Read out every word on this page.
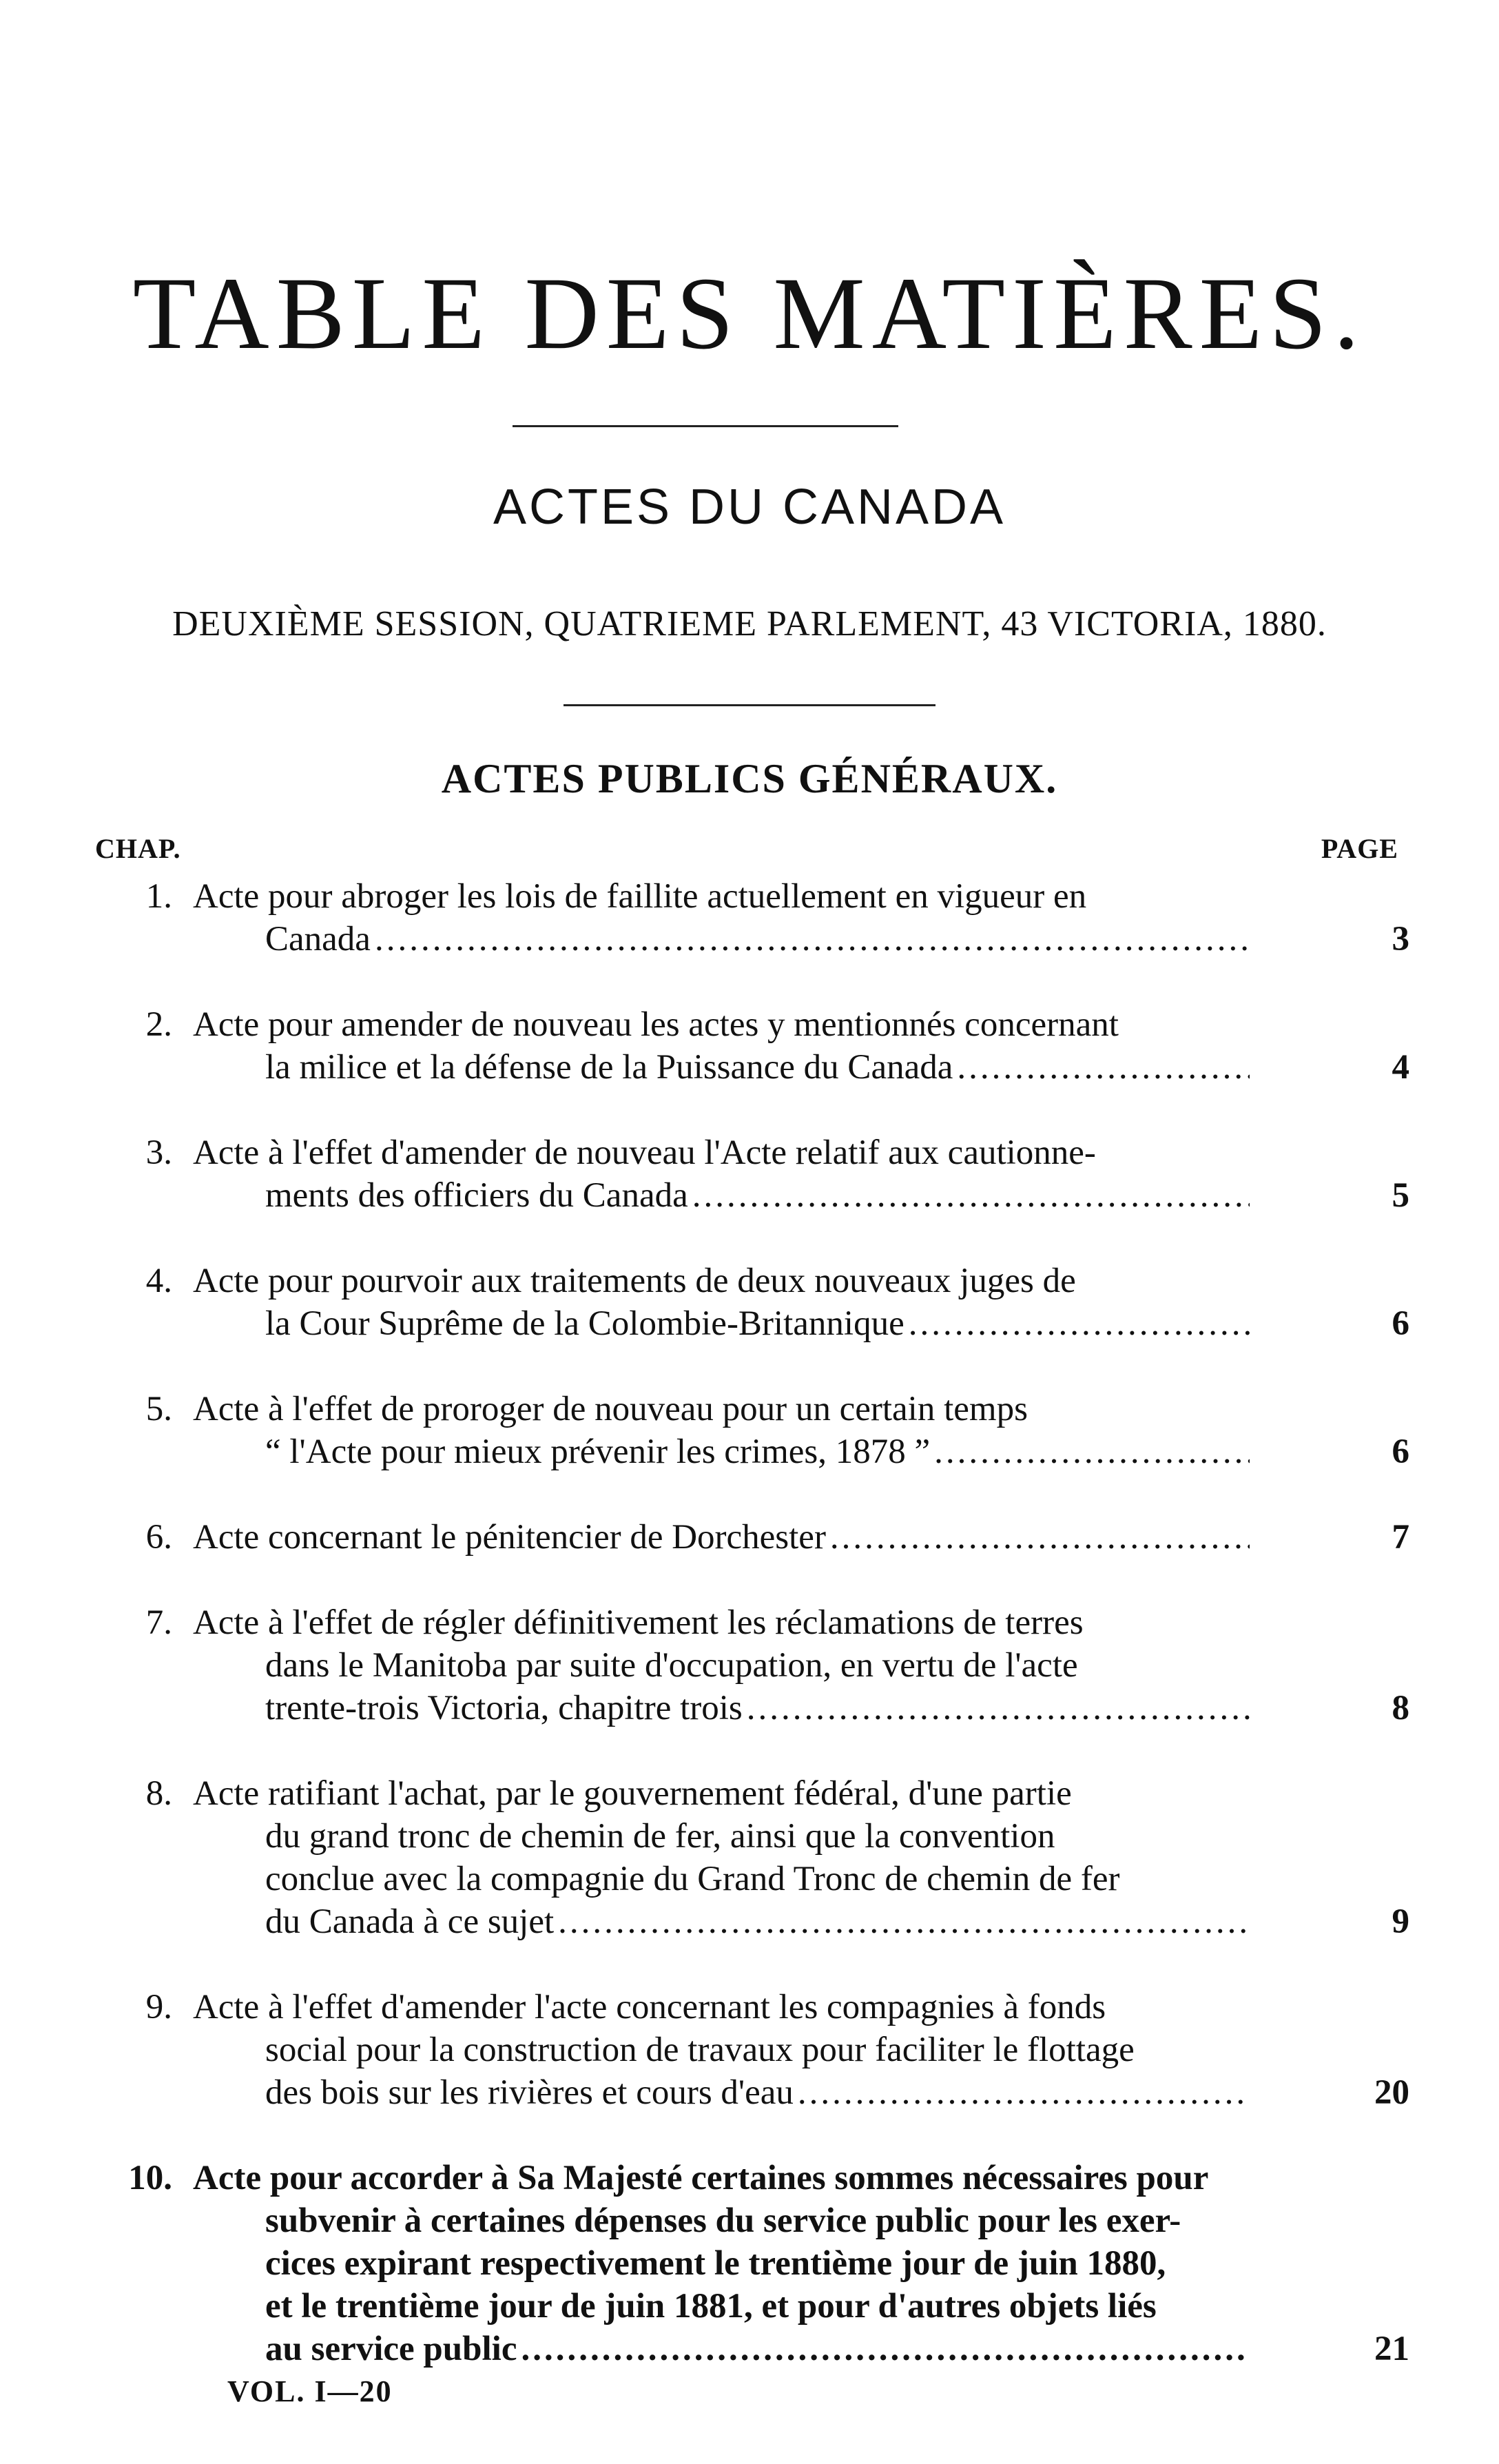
TABLE DES MATIÈRES.
ACTES DU CANADA
DEUXIÈME SESSION, QUATRIEME PARLEMENT, 43 VICTORIA, 1880.
ACTES PUBLICS GÉNÉRAUX.
CHAP.	PAGE
1. Acte pour abroger les lois de faillite actuellement en vigueur en
Canada .....	3
2. Acte pour amender de nouveau les actes y mentionnés concernant
la milice et la défense de la Puissance du Canada .....	4
3. Acte à l'effet d'amender de nouveau l'Acte relatif aux cautionne-
ments des officiers du Canada .....	5
4. Acte pour pourvoir aux traitements de deux nouveaux juges de
la Cour Suprême de la Colombie-Britannique .....	6
5. Acte à l'effet de proroger de nouveau pour un certain temps
“ l'Acte pour mieux prévenir les crimes, 1878 ” .....	6
6. Acte concernant le pénitencier de Dorchester .....	7
7. Acte à l'effet de régler définitivement les réclamations de terres
dans le Manitoba par suite d'occupation, en vertu de l'acte
trente-trois Victoria, chapitre trois .....	8
8. Acte ratifiant l'achat, par le gouvernement fédéral, d'une partie
du grand tronc de chemin de fer, ainsi que la convention
conclue avec la compagnie du Grand Tronc de chemin de fer
du Canada à ce sujet .....	9
9. Acte à l'effet d'amender l'acte concernant les compagnies à fonds
social pour la construction de travaux pour faciliter le flottage
des bois sur les rivières et cours d'eau .....	20
10. Acte pour accorder à Sa Majesté certaines sommes nécessaires pour
subvenir à certaines dépenses du service public pour les exer-
cices expirant respectivement le trentième jour de juin 1880,
et le trentième jour de juin 1881, et pour d'autres objets liés
au service public .....	21
VOL. I—20
